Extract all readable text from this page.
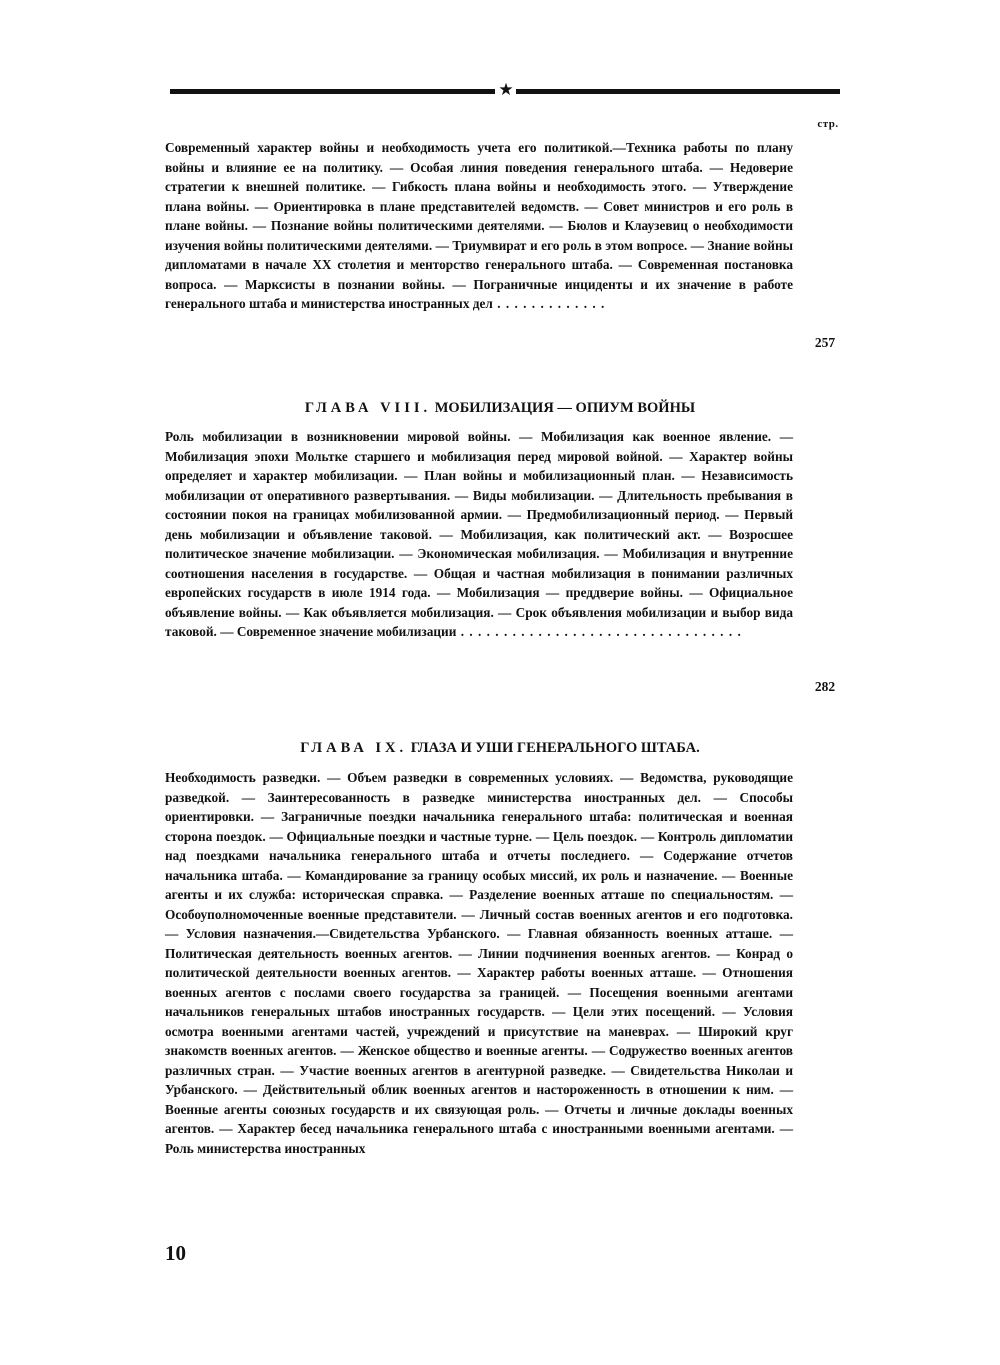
★
стр.

Современный характер войны и необходимость учета его политикой.—Техника работы по плану войны и влияние ее на политику. — Особая линия поведения генерального штаба. — Недоверие стратегии к внешней политике. — Гибкость плана войны и необходимость этого. — Утверждение плана войны. — Ориентировка в плане представителей ведомств. — Совет министров и его роль в плане войны. — Познание войны политическими деятелями. — Бюлов и Клаузевиц о необходимости изучения войны политическими деятелями. — Триумвират и его роль в этом вопросе. — Знание войны дипломатами в начале XX столетия и менторство генерального штаба. — Современная постановка вопроса. — Марксисты в познании войны. — Пограничные инциденты и их значение в работе генерального штаба и министерства иностранных дел . . . . . . . . . . . . .

257
ГЛАВА VIII. МОБИЛИЗАЦИЯ — ОПИУМ ВОЙНЫ

Роль мобилизации в возникновении мировой войны. — Мобилизация как военное явление. — Мобилизация эпохи Мольтке старшего и мобилизация перед мировой войной. — Характер войны определяет и характер мобилизации. — План войны и мобилизационный план. — Независимость мобилизации от оперативного развертывания. — Виды мобилизации. — Длительность пребывания в состоянии покоя на границах мобилизованной армии. — Предмобилизационный период. — Первый день мобилизации и объявление таковой. — Мобилизация, как политический акт. — Возросшее политическое значение мобилизации. — Экономическая мобилизация. — Мобилизация и внутренние соотношения населения в государстве. — Общая и частная мобилизация в понимании различных европейских государств в июле 1914 года. — Мобилизация — преддверие войны. — Официальное объявление войны. — Как объявляется мобилизация. — Срок объявления мобилизации и выбор вида таковой. — Современное значение мобилизации . . . . . . . . . . . . . . . . . . . . . . . . . . . . . . . . .

282
ГЛАВА IX. ГЛАЗА И УШИ ГЕНЕРАЛЬНОГО ШТАБА.

Необходимость разведки. — Объем разведки в современных условиях. — Ведомства, руководящие разведкой. — Заинтересованность в разведке министерства иностранных дел. — Способы ориентировки. — Заграничные поездки начальника генерального штаба: политическая и военная сторона поездок. — Официальные поездки и частные турне. — Цель поездок. — Контроль дипломатии над поездками начальника генерального штаба и отчеты последнего. — Содержание отчетов начальника штаба. — Командирование за границу особых миссий, их роль и назначение. — Военные агенты и их служба: историческая справка. — Разделение военных атташе по специальностям. — Особоуполномоченные военные представители. — Личный состав военных агентов и его подготовка. — Условия назначения.—Свидетельства Урбанского. — Главная обязанность военных атташе. — Политическая деятельность военных агентов. — Линии подчинения военных агентов. — Конрад о политической деятельности военных агентов. — Характер работы военных атташе. — Отношения военных агентов с послами своего государства за границей. — Посещения военными агентами начальников генеральных штабов иностранных государств. — Цели этих посещений. — Условия осмотра военными агентами частей, учреждений и присутствие на маневрах. — Широкий круг знакомств военных агентов. — Женское общество и военные агенты. — Содружество военных агентов различных стран. — Участие военных агентов в агентурной разведке. — Свидетельства Николаи и Урбанского. — Действительный облик военных агентов и настороженность в отношении к ним. — Военные агенты союзных государств и их связующая роль. — Отчеты и личные доклады военных агентов. — Характер бесед начальника генерального штаба с иностранными военными агентами. — Роль министерства иностранных

10
